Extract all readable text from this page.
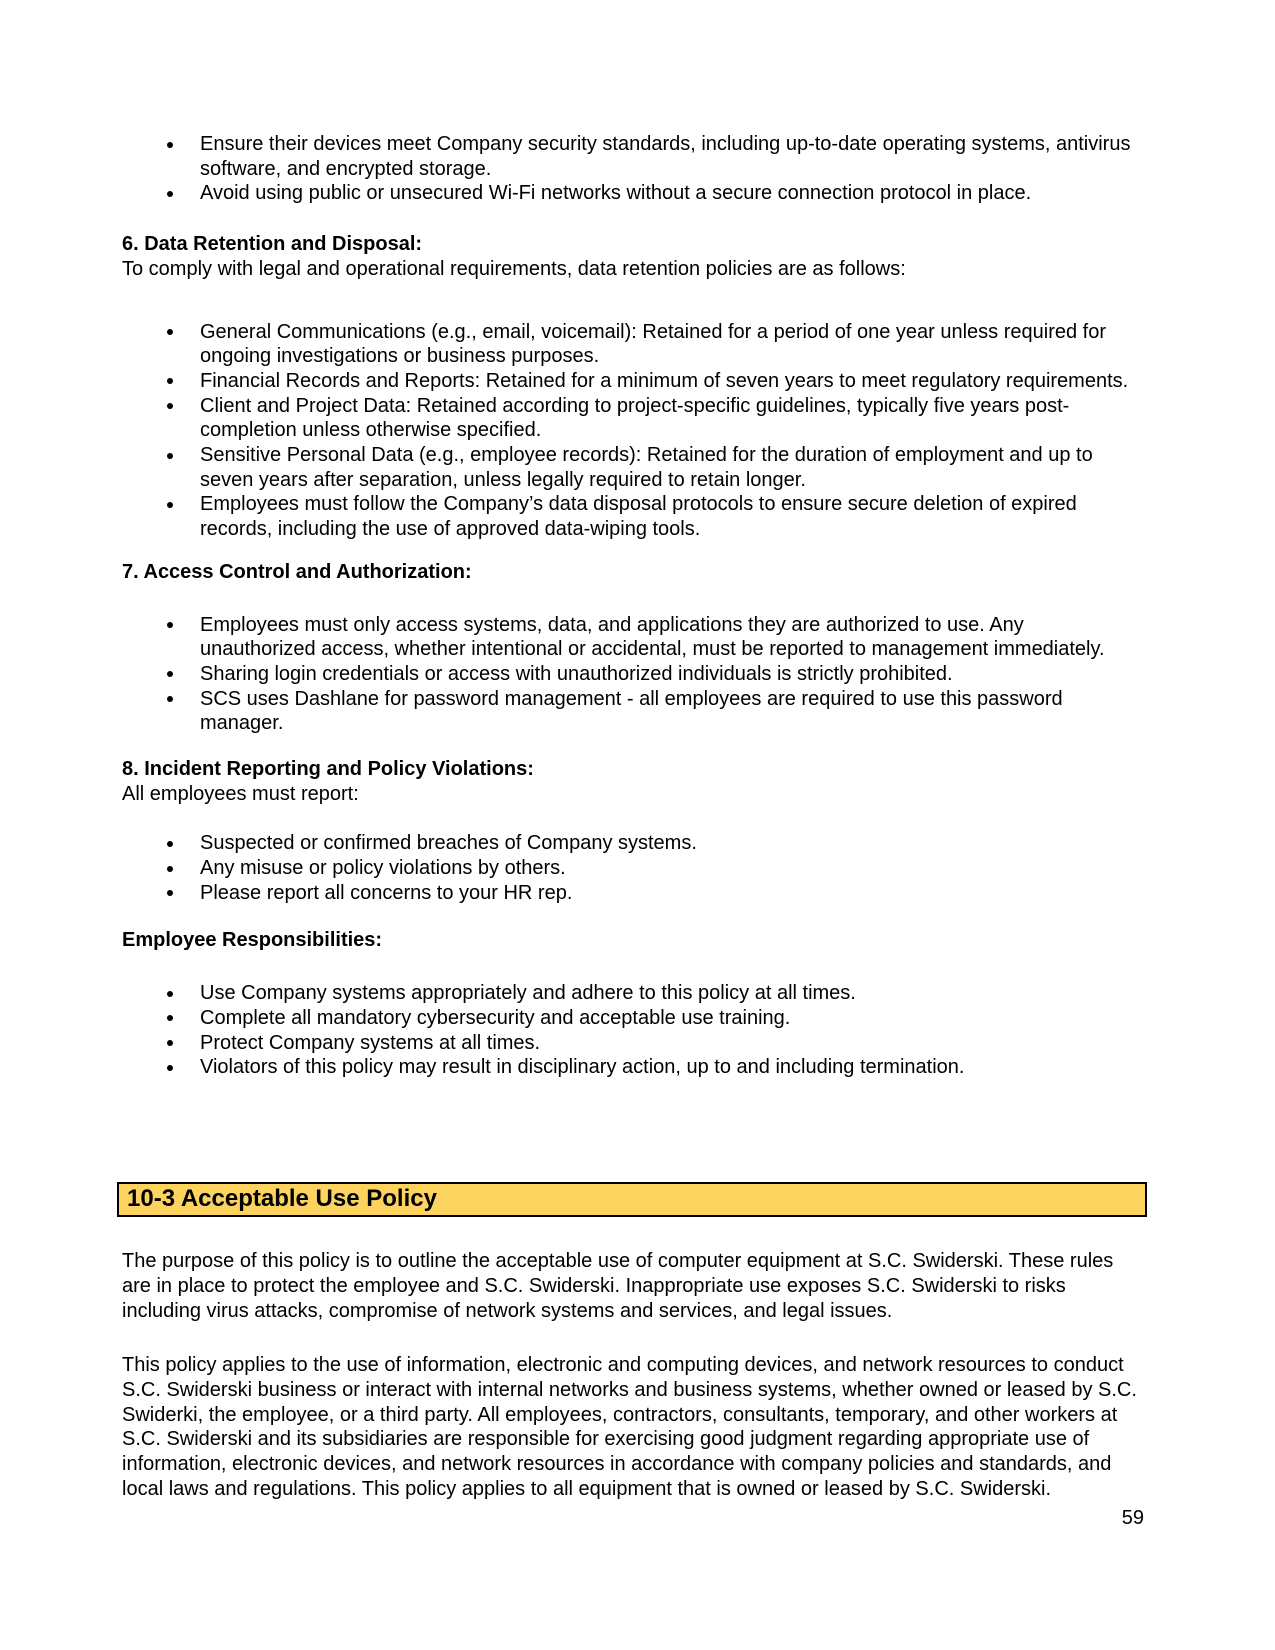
Ensure their devices meet Company security standards, including up-to-date operating systems, antivirus software, and encrypted storage.
Avoid using public or unsecured Wi-Fi networks without a secure connection protocol in place.
6. Data Retention and Disposal:

To comply with legal and operational requirements, data retention policies are as follows:

General Communications (e.g., email, voicemail): Retained for a period of one year unless required for ongoing investigations or business purposes.
Financial Records and Reports: Retained for a minimum of seven years to meet regulatory requirements.
Client and Project Data: Retained according to project-specific guidelines, typically five years post-completion unless otherwise specified.
Sensitive Personal Data (e.g., employee records): Retained for the duration of employment and up to seven years after separation, unless legally required to retain longer.
Employees must follow the Company’s data disposal protocols to ensure secure deletion of expired records, including the use of approved data-wiping tools.
7. Access Control and Authorization:
Employees must only access systems, data, and applications they are authorized to use. Any unauthorized access, whether intentional or accidental, must be reported to management immediately.
Sharing login credentials or access with unauthorized individuals is strictly prohibited.
SCS uses Dashlane for password management - all employees are required to use this password manager.
8. Incident Reporting and Policy Violations:

All employees must report:

Suspected or confirmed breaches of Company systems.
Any misuse or policy violations by others.
Please report all concerns to your HR rep.
Employee Responsibilities:
Use Company systems appropriately and adhere to this policy at all times.
Complete all mandatory cybersecurity and acceptable use training.
Protect Company systems at all times.
Violators of this policy may result in disciplinary action, up to and including termination.
10-3 Acceptable Use Policy

The purpose of this policy is to outline the acceptable use of computer equipment at S.C. Swiderski. These rules are in place to protect the employee and S.C. Swiderski. Inappropriate use exposes S.C. Swiderski to risks including virus attacks, compromise of network systems and services, and legal issues.

This policy applies to the use of information, electronic and computing devices, and network resources to conduct S.C. Swiderski business or interact with internal networks and business systems, whether owned or leased by S.C. Swiderki, the employee, or a third party. All employees, contractors, consultants, temporary, and other workers at S.C. Swiderski and its subsidiaries are responsible for exercising good judgment regarding appropriate use of information, electronic devices, and network resources in accordance with company policies and standards, and local laws and regulations. This policy applies to all equipment that is owned or leased by S.C. Swiderski.

59
